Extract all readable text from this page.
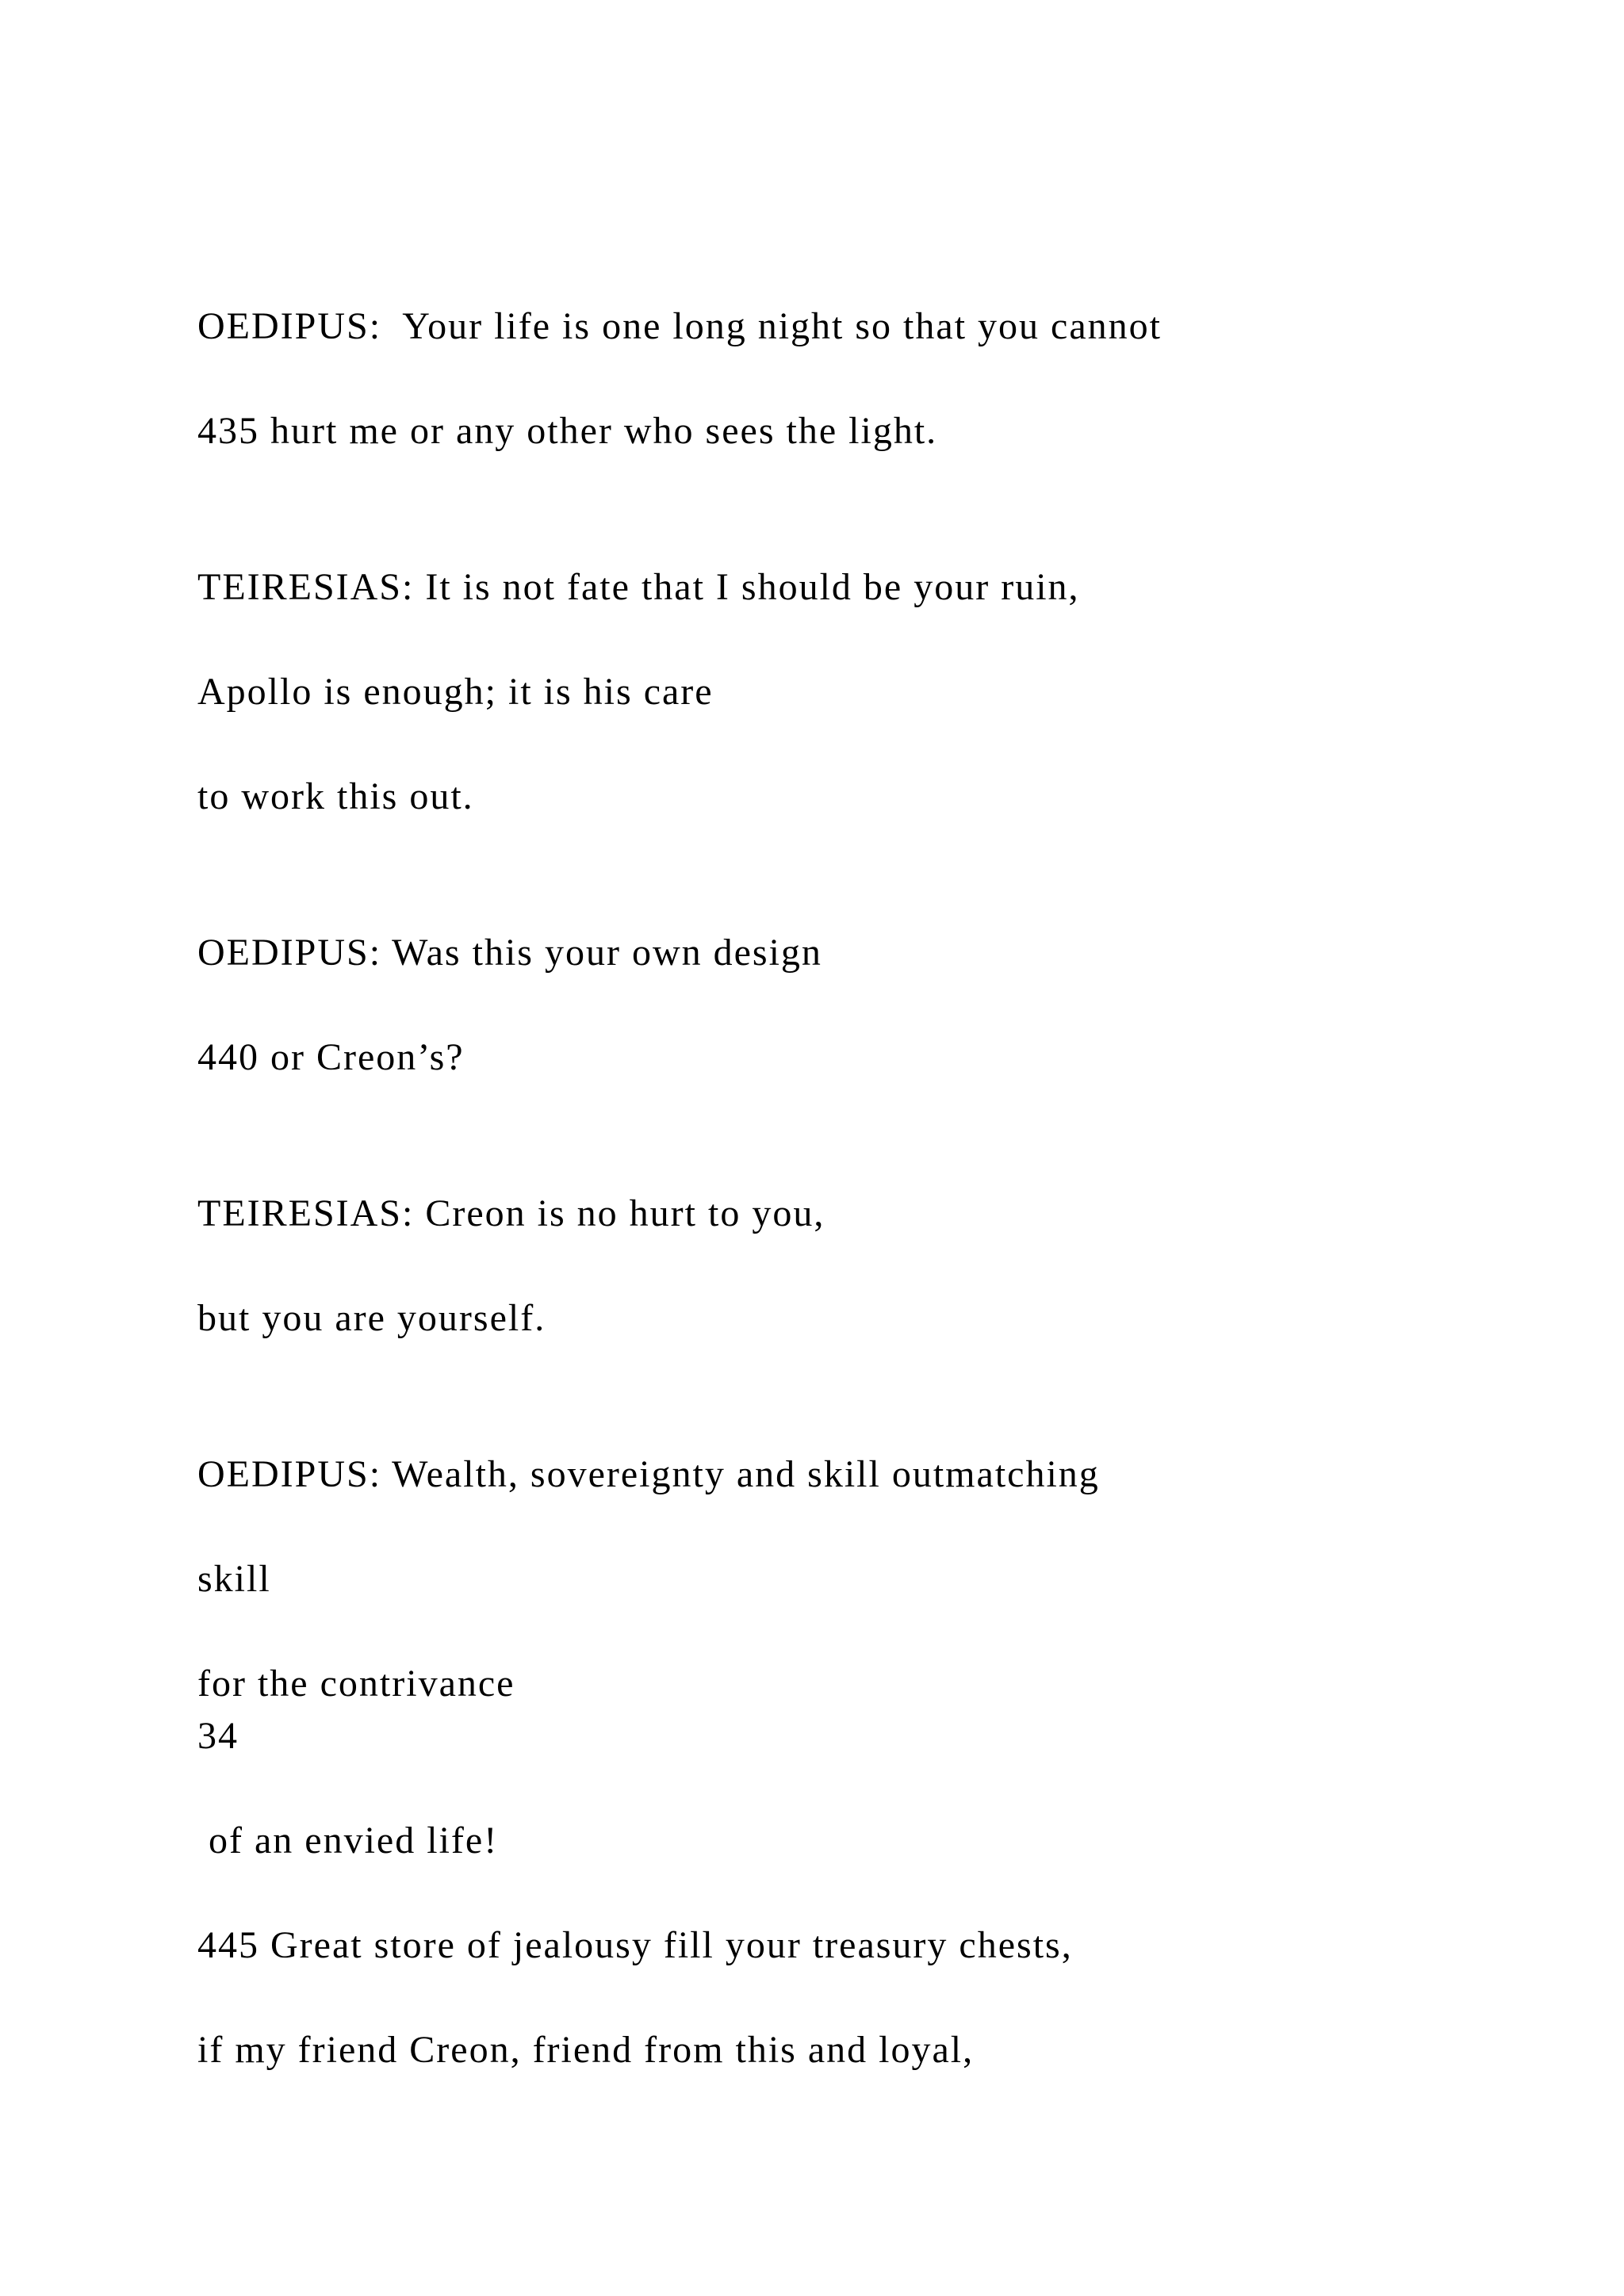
OEDIPUS:  Your life is one long night so that you cannot

435 hurt me or any other who sees the light.

TEIRESIAS: It is not fate that I should be your ruin,

Apollo is enough; it is his care

to work this out.

OEDIPUS: Was this your own design

440 or Creon’s?

TEIRESIAS: Creon is no hurt to you,

but you are yourself.

OEDIPUS: Wealth, sovereignty and skill outmatching

skill

for the contrivance

34

of an envied life!

445 Great store of jealousy fill your treasury chests,

if my friend Creon, friend from this and loyal,
